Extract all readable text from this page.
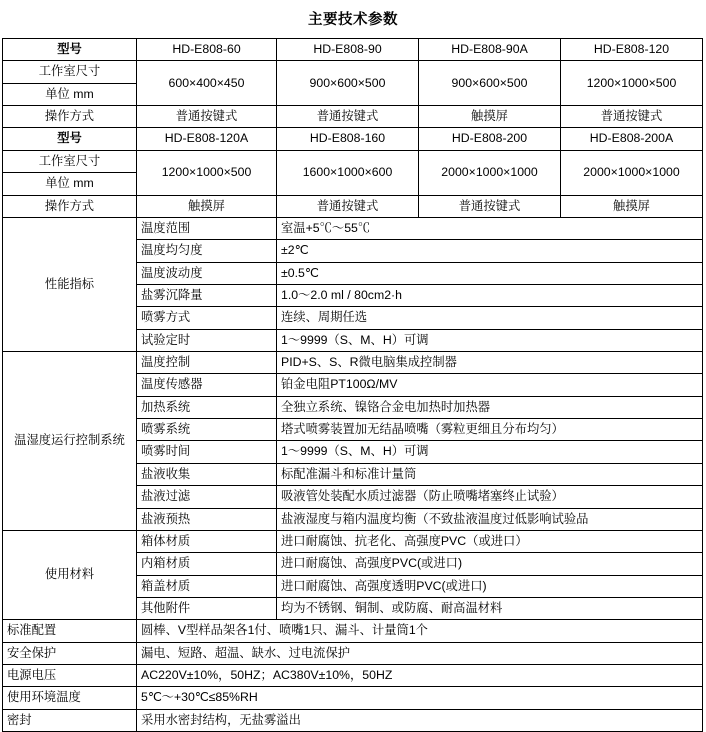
主要技术参数
型号	HD-E808-60	HD-E808-90	HD-E808-90A	HD-E808-120
工作室尺寸	600×400×450	900×600×500	900×600×500	1200×1000×500
单位 mm				
操作方式	普通按键式	普通按键式	触摸屏	普通按键式
型号	HD-E808-120A	HD-E808-160	HD-E808-200	HD-E808-200A
工作室尺寸	1200×1000×500	1600×1000×600	2000×1000×1000	2000×1000×1000
单位 mm				
操作方式	触摸屏	普通按键式	普通按键式	触摸屏
性能指标	温度范围	室温+5℃～55℃		
	温度均匀度	±2℃		
	温度波动度	±0.5℃		
	盐雾沉降量	1.0～2.0 ml / 80cm2·h		
	喷雾方式	连续、周期任选		
	试验定时	1～9999（S、M、H）可调		
温湿度运行控制系统	温度控制	PID+S、S、R微电脑集成控制器		
	温度传感器	铂金电阻PT100Ω/MV		
	加热系统	全独立系统、镍铬合金电加热时加热器		
	喷雾系统	塔式喷雾装置加无结晶喷嘴（雾粒更细且分布均匀）		
	喷雾时间	1～9999（S、M、H）可调		
	盐液收集	标配准漏斗和标准计量筒		
	盐液过滤	吸液管处装配水质过滤器（防止喷嘴堵塞终止试验）		
	盐液预热	盐液湿度与箱内温度均衡（不致盐液温度过低影响试验品		
使用材料	箱体材质	进口耐腐蚀、抗老化、高强度PVC（或进口）		
	内箱材质	进口耐腐蚀、高强度PVC(或进口)		
	箱盖材质	进口耐腐蚀、高强度透明PVC(或进口)		
	其他附件	均为不锈钢、铜制、或防腐、耐高温材料		
标准配置	圆棒、V型样品架各1付、喷嘴1只、漏斗、计量筒1个			
安全保护	漏电、短路、超温、缺水、过电流保护			
电源电压	AC220V±10%，50HZ；AC380V±10%，50HZ			
使用环境温度	5℃～+30℃≤85%RH			
密封	采用水密封结构，无盐雾溢出			
